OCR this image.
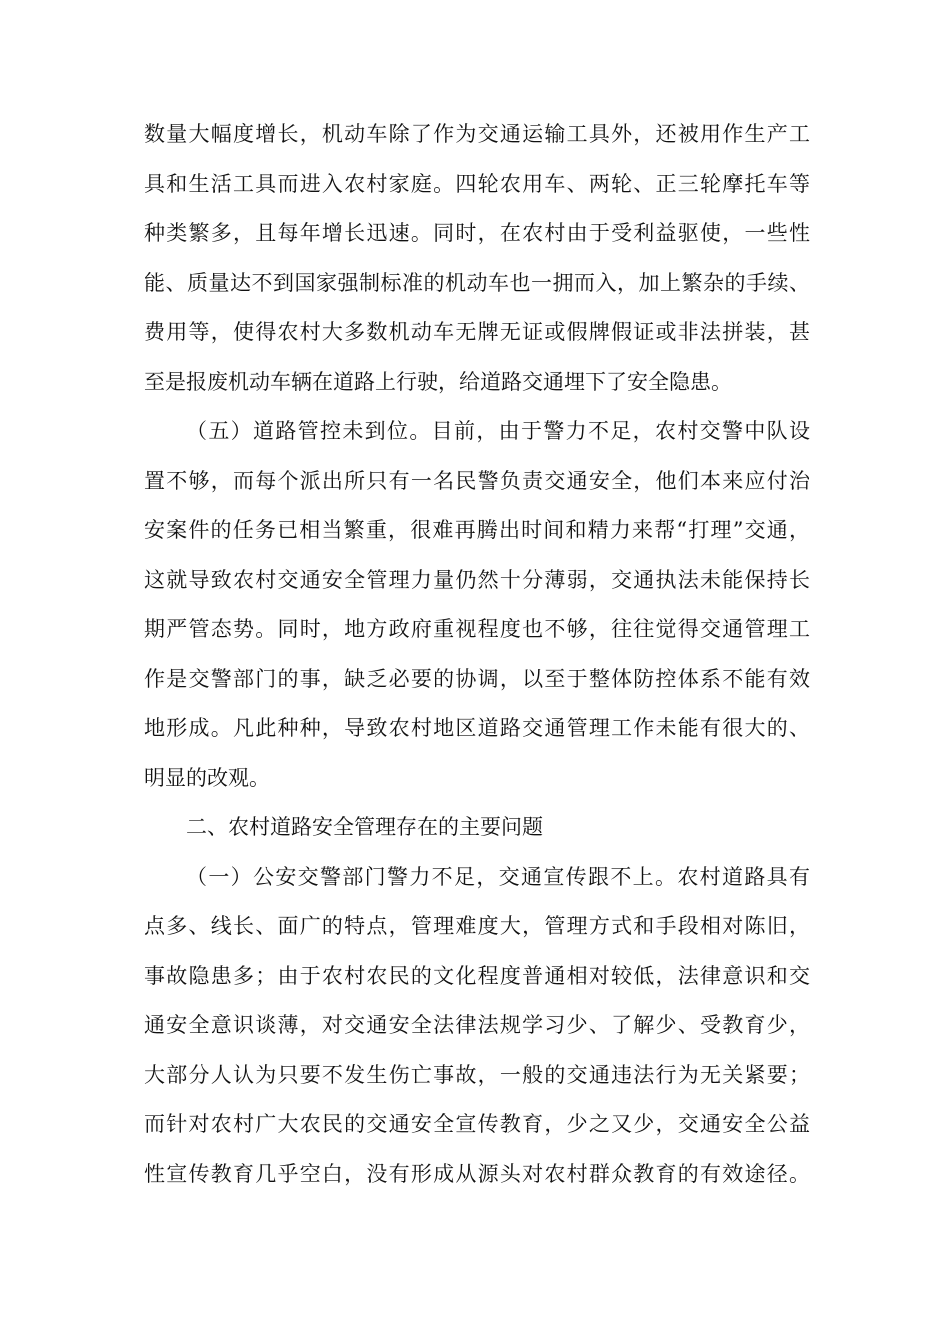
数量大幅度增长，机动车除了作为交通运输工具外，还被用作生产工
具和生活工具而进入农村家庭。四轮农用车、两轮、正三轮摩托车等
种类繁多，且每年增长迅速。同时，在农村由于受利益驱使，一些性
能、质量达不到国家强制标准的机动车也一拥而入，加上繁杂的手续、
费用等，使得农村大多数机动车无牌无证或假牌假证或非法拼装，甚
至是报废机动车辆在道路上行驶，给道路交通埋下了安全隐患。
（五）道路管控未到位。目前，由于警力不足，农村交警中队设
置不够，而每个派出所只有一名民警负责交通安全，他们本来应付治
安案件的任务已相当繁重，很难再腾出时间和精力来帮“打理”交通，
这就导致农村交通安全管理力量仍然十分薄弱，交通执法未能保持长
期严管态势。同时，地方政府重视程度也不够，往往觉得交通管理工
作是交警部门的事，缺乏必要的协调，以至于整体防控体系不能有效
地形成。凡此种种，导致农村地区道路交通管理工作未能有很大的、
明显的改观。
二、农村道路安全管理存在的主要问题
（一）公安交警部门警力不足，交通宣传跟不上。农村道路具有
点多、线长、面广的特点，管理难度大，管理方式和手段相对陈旧，
事故隐患多；由于农村农民的文化程度普通相对较低，法律意识和交
通安全意识谈薄，对交通安全法律法规学习少、了解少、受教育少，
大部分人认为只要不发生伤亡事故，一般的交通违法行为无关紧要；
而针对农村广大农民的交通安全宣传教育，少之又少，交通安全公益
性宣传教育几乎空白，没有形成从源头对农村群众教育的有效途径。
